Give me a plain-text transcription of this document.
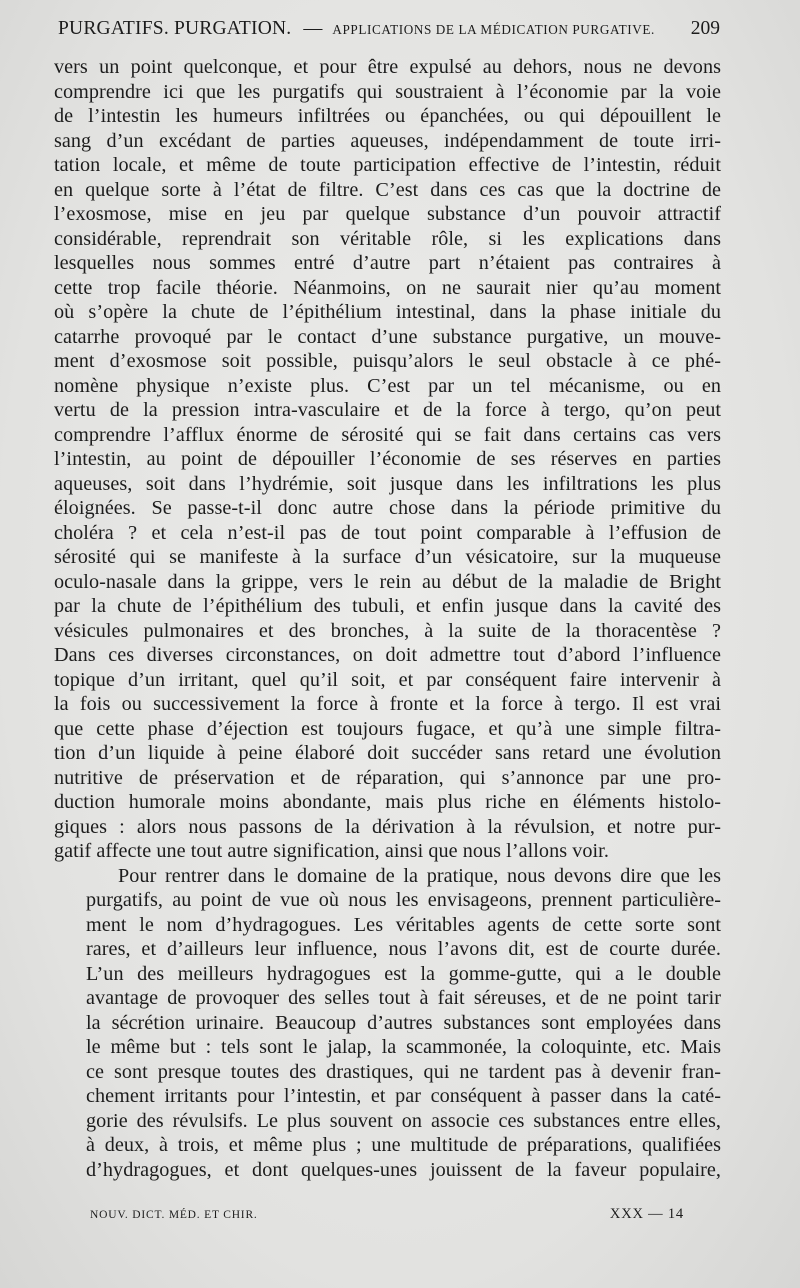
PURGATIFS. PURGATION. — APPLICATIONS DE LA MÉDICATION PURGATIVE.	209

vers un point quelconque, et pour être expulsé au dehors, nous ne devons
comprendre ici que les purgatifs qui soustraient à l’économie par la voie
de l’intestin les humeurs infiltrées ou épanchées, ou qui dépouillent le
sang d’un excédant de parties aqueuses, indépendamment de toute irri-
tation locale, et même de toute participation effective de l’intestin, réduit
en quelque sorte à l’état de filtre. C’est dans ces cas que la doctrine de
l’exosmose, mise en jeu par quelque substance d’un pouvoir attractif
considérable, reprendrait son véritable rôle, si les explications dans
lesquelles nous sommes entré d’autre part n’étaient pas contraires à
cette trop facile théorie. Néanmoins, on ne saurait nier qu’au moment
où s’opère la chute de l’épithélium intestinal, dans la phase initiale du
catarrhe provoqué par le contact d’une substance purgative, un mouve-
ment d’exosmose soit possible, puisqu’alors le seul obstacle à ce phé-
nomène physique n’existe plus. C’est par un tel mécanisme, ou en
vertu de la pression intra-vasculaire et de la force à tergo, qu’on peut
comprendre l’afflux énorme de sérosité qui se fait dans certains cas vers
l’intestin, au point de dépouiller l’économie de ses réserves en parties
aqueuses, soit dans l’hydrémie, soit jusque dans les infiltrations les plus
éloignées. Se passe-t-il donc autre chose dans la période primitive du
choléra ? et cela n’est-il pas de tout point comparable à l’effusion de
sérosité qui se manifeste à la surface d’un vésicatoire, sur la muqueuse
oculo-nasale dans la grippe, vers le rein au début de la maladie de Bright
par la chute de l’épithélium des tubuli, et enfin jusque dans la cavité des
vésicules pulmonaires et des bronches, à la suite de la thoracentèse ?
Dans ces diverses circonstances, on doit admettre tout d’abord l’influence
topique d’un irritant, quel qu’il soit, et par conséquent faire intervenir à
la fois ou successivement la force à fronte et la force à tergo. Il est vrai
que cette phase d’éjection est toujours fugace, et qu’à une simple filtra-
tion d’un liquide à peine élaboré doit succéder sans retard une évolution
nutritive de préservation et de réparation, qui s’annonce par une pro-
duction humorale moins abondante, mais plus riche en éléments histolo-
giques : alors nous passons de la dérivation à la révulsion, et notre pur-
gatif affecte une tout autre signification, ainsi que nous l’allons voir.

Pour rentrer dans le domaine de la pratique, nous devons dire que les
purgatifs, au point de vue où nous les envisageons, prennent particulière-
ment le nom d’hydragogues. Les véritables agents de cette sorte sont
rares, et d’ailleurs leur influence, nous l’avons dit, est de courte durée.
L’un des meilleurs hydragogues est la gomme-gutte, qui a le double
avantage de provoquer des selles tout à fait séreuses, et de ne point tarir
la sécrétion urinaire. Beaucoup d’autres substances sont employées dans
le même but : tels sont le jalap, la scammonée, la coloquinte, etc. Mais
ce sont presque toutes des drastiques, qui ne tardent pas à devenir fran-
chement irritants pour l’intestin, et par conséquent à passer dans la caté-
gorie des révulsifs. Le plus souvent on associe ces substances entre elles,
à deux, à trois, et même plus ; une multitude de préparations, qualifiées
d’hydragogues, et dont quelques-unes jouissent de la faveur populaire,

NOUV. DICT. MÉD. ET CHIR.	XXX — 14
